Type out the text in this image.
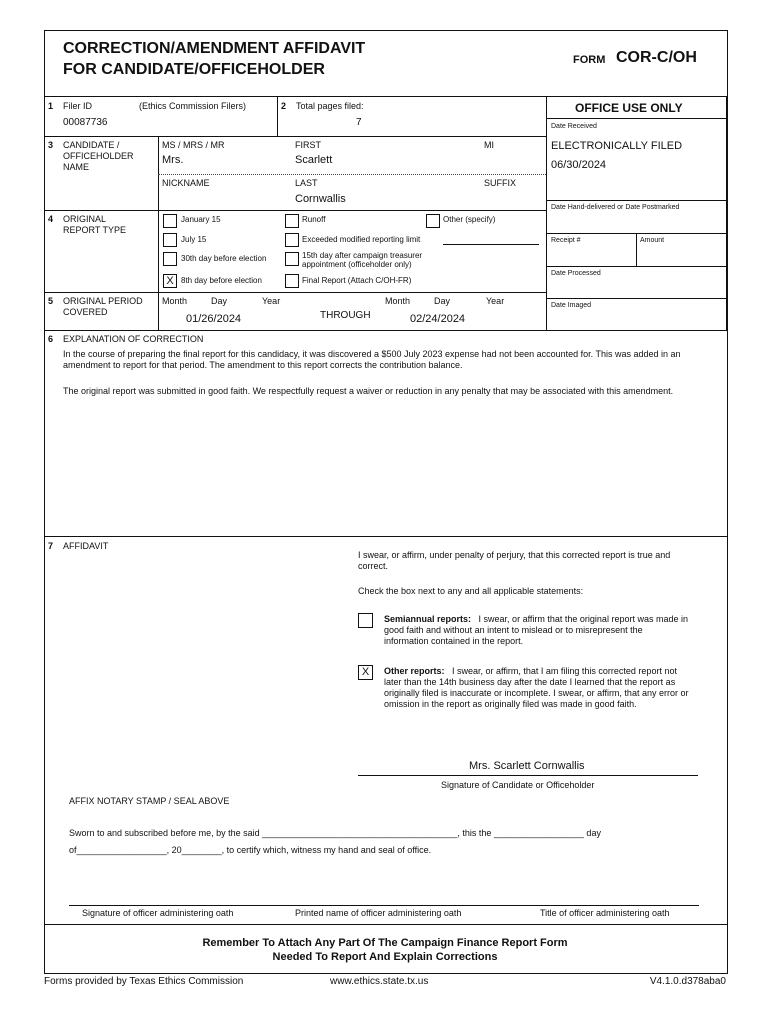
CORRECTION/AMENDMENT AFFIDAVIT
FOR CANDIDATE/OFFICEHOLDER
FORM COR-C/OH
OFFICE USE ONLY
Date Received
ELECTRONICALLY FILED
06/30/2024
Date Hand-delivered or Date Postmarked
Receipt #	Amount
Date Processed
Date Imaged
1 Filer ID	(Ethics Commission Filers)
00087736
2 Total pages filed:
7
3 CANDIDATE / OFFICEHOLDER NAME
MS / MRS / MR
Mrs.
FIRST
Scarlett
MI
NICKNAME	LAST
Cornwallis
SUFFIX
4 ORIGINAL REPORT TYPE
January 15
July 15
30th day before election
X 8th day before election
Runoff
Exceeded modified reporting limit
15th day after campaign treasurer appointment (officeholder only)
Final Report (Attach C/OH-FR)
Other (specify)
5 ORIGINAL PERIOD COVERED
Month	Day	Year
01/26/2024	THROUGH
Month	Day	Year
02/24/2024
6 EXPLANATION OF CORRECTION
In the course of preparing the final report for this candidacy, it was discovered a $500 July 2023 expense had not been accounted for. This was added in an amendment to report for that period. The amendment to this report corrects the contribution balance.
The original report was submitted in good faith. We respectfully request a waiver or reduction in any penalty that may be associated with this amendment.
7 AFFIDAVIT
I swear, or affirm, under penalty of perjury, that this corrected report is true and correct.
Check the box next to any and all applicable statements:
Semiannual reports: I swear, or affirm that the original report was made in good faith and without an intent to mislead or to misrepresent the information contained in the report.
X	Other reports: I swear, or affirm, that I am filing this corrected report not later than the 14th business day after the date I learned that the report as originally filed is inaccurate or incomplete. I swear, or affirm, that any error or omission in the report as originally filed was made in good faith.
Mrs. Scarlett Cornwallis
Signature of Candidate or Officeholder
AFFIX NOTARY STAMP / SEAL ABOVE
Sworn to and subscribed before me, by the said _______________________________________, this the __________________ day
of__________________, 20________, to certify which, witness my hand and seal of office.
Signature of officer administering oath	Printed name of officer administering oath	Title of officer administering oath
Remember To Attach Any Part Of The Campaign Finance Report Form
Needed To Report And Explain Corrections
Forms provided by Texas Ethics Commission	www.ethics.state.tx.us	V4.1.0.d378aba0
